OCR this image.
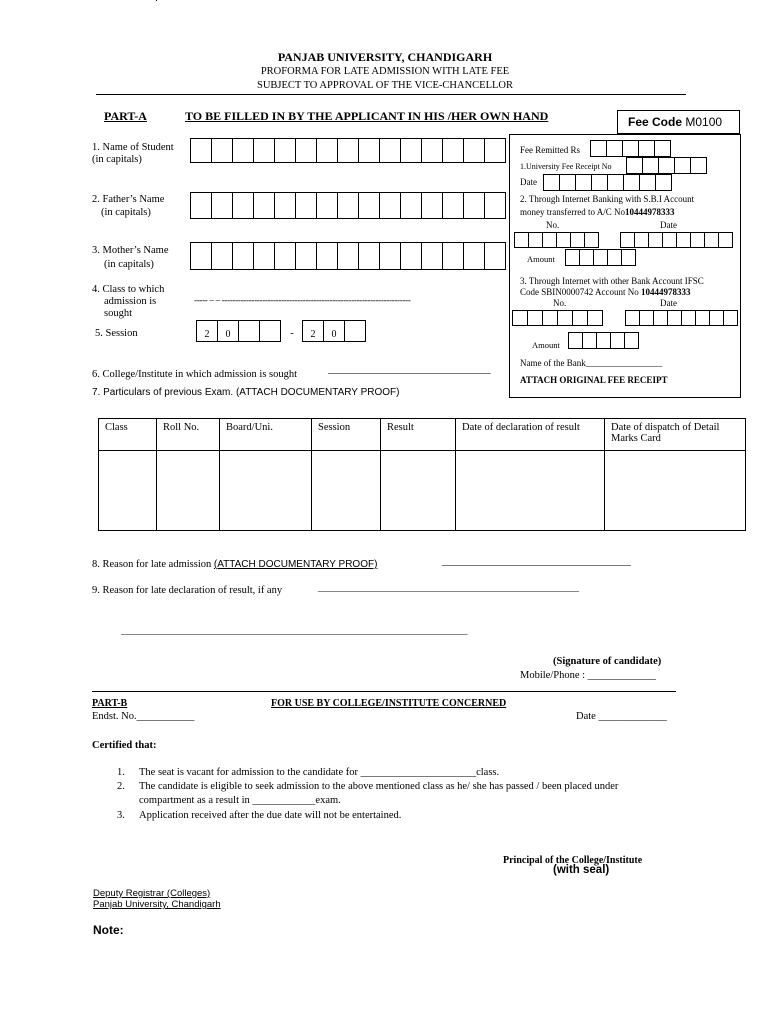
PANJAB UNIVERSITY, CHANDIGARH
PROFORMA FOR LATE ADMISSION WITH LATE FEE
SUBJECT TO APPROVAL OF THE VICE-CHANCELLOR
PART-A	TO BE FILLED IN BY THE APPLICANT IN HIS /HER OWN HAND	Fee Code M0100
Fee Remitted Rs
1.University Fee Receipt No
Date
2. Through Internet Banking with S.B.I Account
money transferred to A/C No10444978333
No.	Date
Amount
3. Through Internet with other Bank Account IFSC
Code SBIN0000742 Account No 10444978333
No.	Date
Amount
Name of the Bank_________________
ATTACH ORIGINAL FEE RECEIPT
1. Name of Student
(in capitals)
2. Father’s Name
(in capitals)
3. Mother’s Name
(in capitals)
4. Class to which
admission is
sought
----- – – ----------------------------------------------------------------------
5. Session	2	0	-	2	0
6. College/Institute in which admission is sought	_______________________________
7. Particulars of previous Exam. (ATTACH DOCUMENTARY PROOF)
Class	Roll No.	Board/Uni.	Session	Result	Date of declaration of result	Date of dispatch of Detail Marks Card
8. Reason for late admission (ATTACH DOCUMENTARY PROOF)	____________________________________
9. Reason for late declaration of result, if any	__________________________________________________________
_____________________________________________________________________________
(Signature of candidate)
Mobile/Phone : _____________
PART-B	FOR USE BY COLLEGE/INSTITUTE CONCERNED
Endst. No.___________	Date _____________
Certified that:
1. The seat is vacant for admission to the candidate for ______________________class.
2. The candidate is eligible to seek admission to the above mentioned class as he/ she has passed / been placed under
compartment as a result in ____________exam.
3. Application received after the due date will not be entertained.
Principal of the College/Institute
(with seal)
Deputy Registrar (Colleges)
Panjab University, Chandigarh
Note:
